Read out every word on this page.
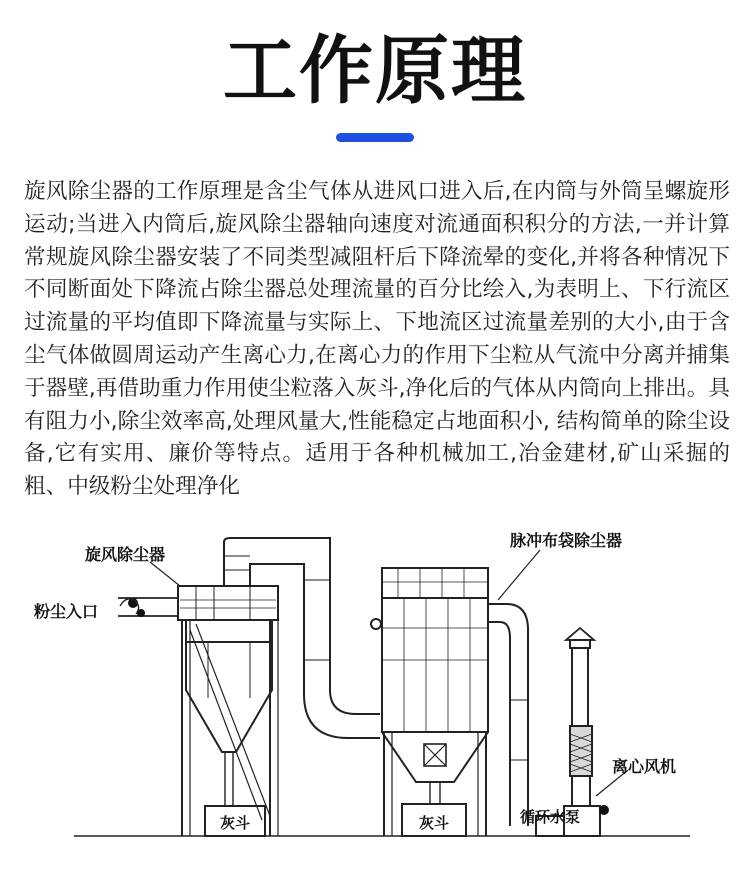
工作原理
旋风除尘器的工作原理是含尘气体从进风口进入后,在内筒与外筒呈螺旋形运动;当进入内筒后,旋风除尘器轴向速度对流通面积积分的方法,一并计算常规旋风除尘器安装了不同类型减阻杆后下降流晕的变化,并将各种情况下不同断面处下降流占除尘器总处理流量的百分比绘入,为表明上、下行流区过流量的平均值即下降流量与实际上、下地流区过流量差别的大小,由于含尘气体做圆周运动产生离心力,在离心力的作用下尘粒从气流中分离并捕集于器壁,再借助重力作用使尘粒落入灰斗,净化后的气体从内筒向上排出。具有阻力小,除尘效率高,处理风量大,性能稳定占地面积小, 结构简单的除尘设备,它有实用、廉价等特点。适用于各种机械加工,冶金建材,矿山采掘的粗、中级粉尘处理净化
灰斗	灰斗
旋风除尘器
粉尘入口
脉冲布袋除尘器
离心风机
循环水泵
